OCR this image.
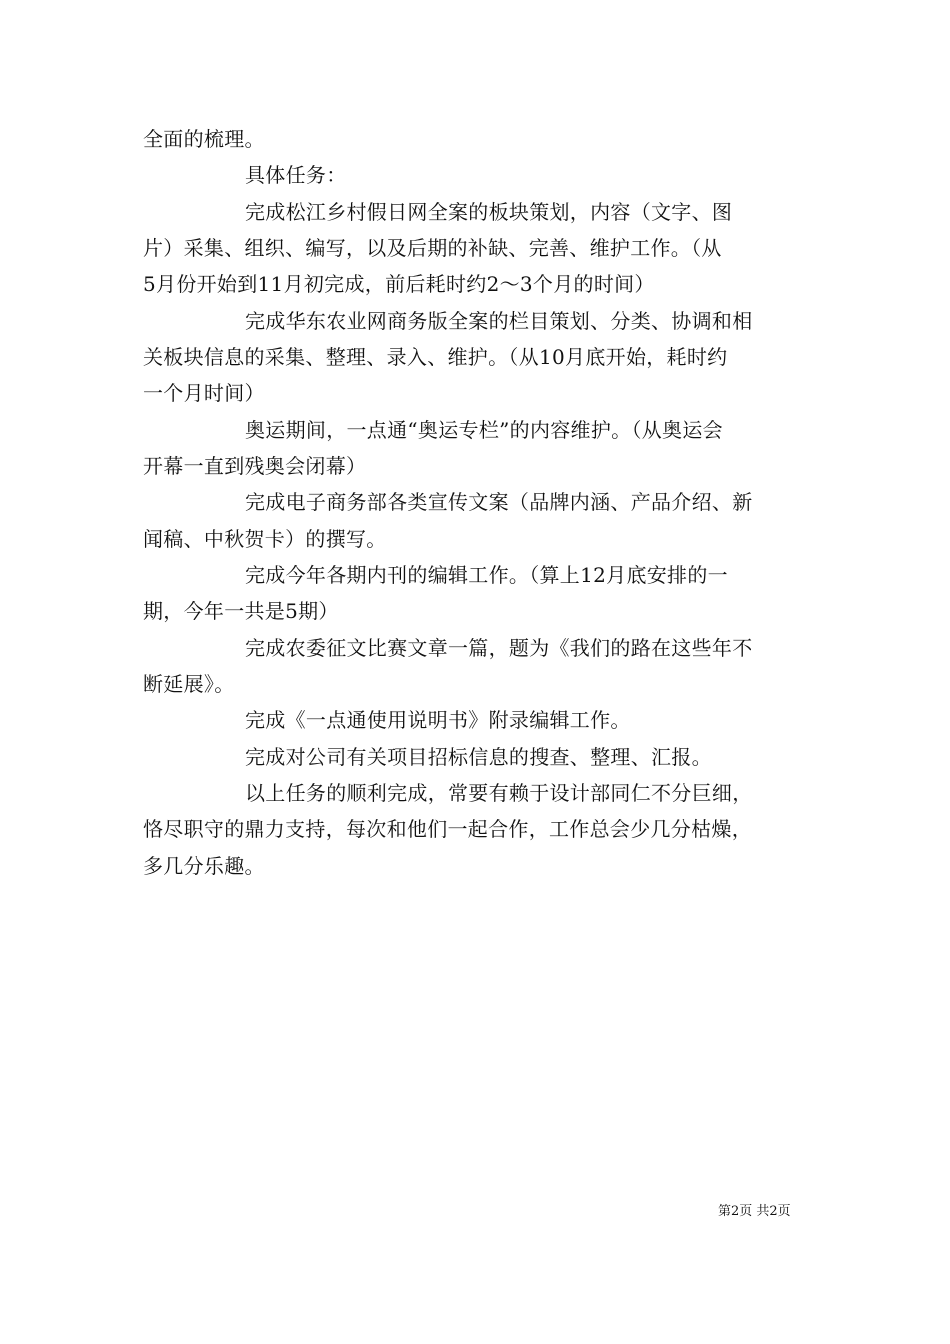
全面的梳理。
具体任务：
完成松江乡村假日网全案的板块策划，内容（文字、图
片）采集、组织、编写，以及后期的补缺、完善、维护工作。（从
5月份开始到11月初完成，前后耗时约2～3个月的时间）
完成华东农业网商务版全案的栏目策划、分类、协调和相
关板块信息的采集、整理、录入、维护。（从10月底开始，耗时约
一个月时间）
奥运期间，一点通“奥运专栏”的内容维护。（从奥运会
开幕一直到残奥会闭幕）
完成电子商务部各类宣传文案（品牌内涵、产品介绍、新
闻稿、中秋贺卡）的撰写。
完成今年各期内刊的编辑工作。（算上12月底安排的一
期，今年一共是5期）
完成农委征文比赛文章一篇，题为《我们的路在这些年不
断延展》。
完成《一点通使用说明书》附录编辑工作。
完成对公司有关项目招标信息的搜查、整理、汇报。
以上任务的顺利完成，常要有赖于设计部同仁不分巨细，
恪尽职守的鼎力支持，每次和他们一起合作，工作总会少几分枯燥，
多几分乐趣。
第2页 共2页
